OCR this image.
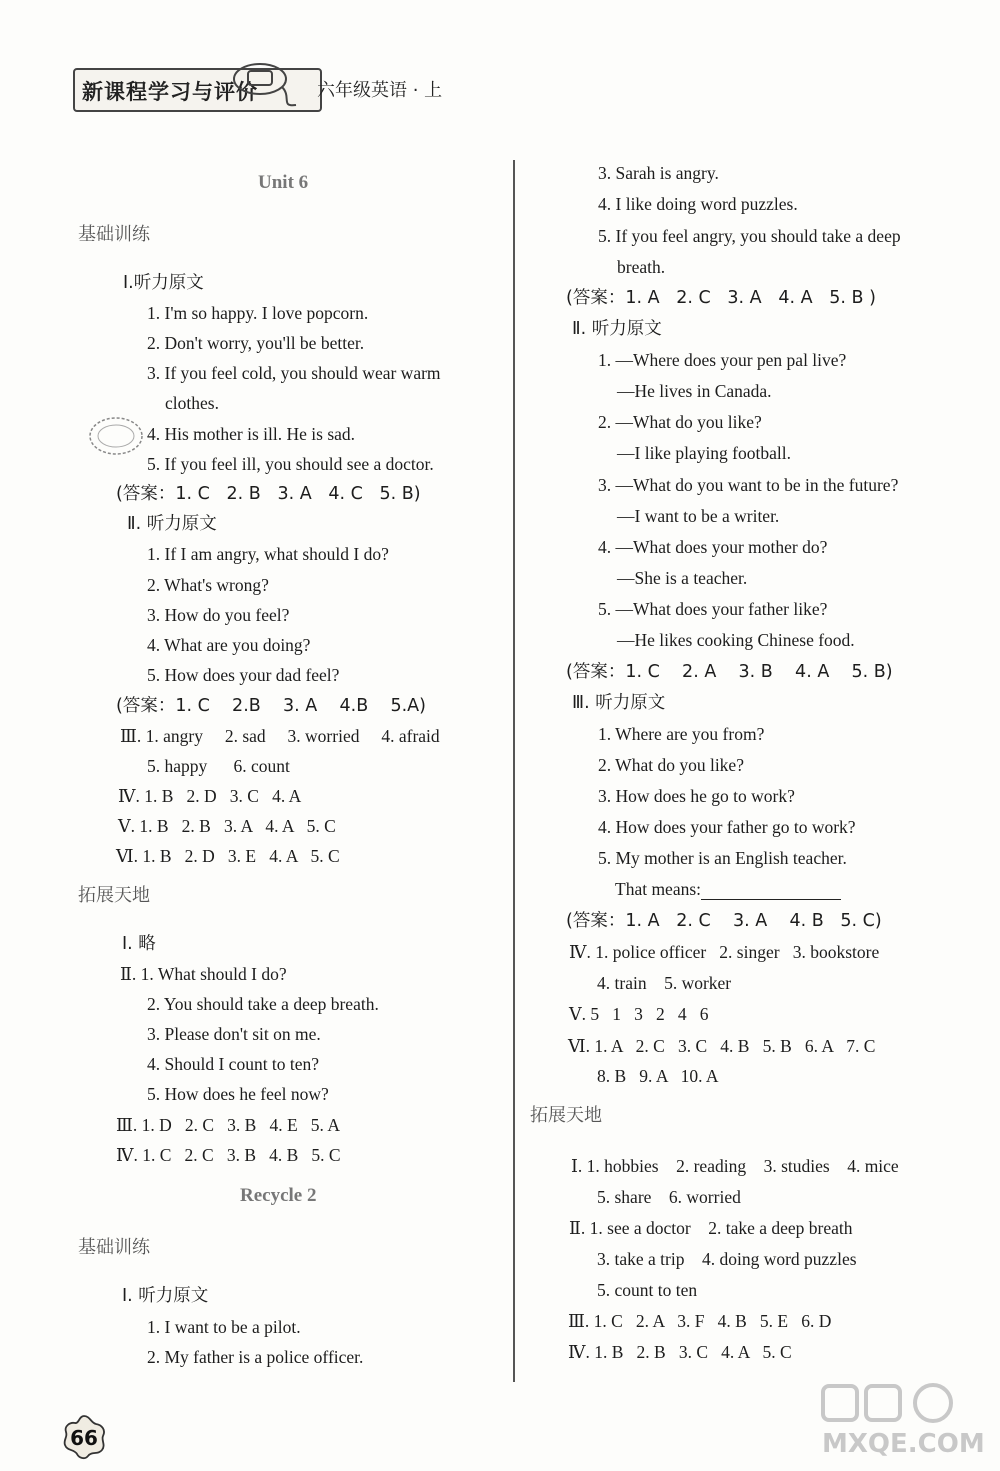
新课程学习与评价	六年级英语 · 上
Unit 6
基础训练
Ⅰ.听力原文
1. I'm so happy. I love popcorn.
2. Don't worry, you'll be better.
3. If you feel cold, you should wear warm
clothes.
4. His mother is ill. He is sad.
5. If you feel ill, you should see a doctor.
(答案：1. C   2. B   3. A   4. C   5. B)
Ⅱ. 听力原文
1. If I am angry, what should I do?
2. What's wrong?
3. How do you feel?
4. What are you doing?
5. How does your dad feel?
(答案：1. C    2.B    3. A    4.B    5.A)
Ⅲ. 1. angry     2. sad     3. worried     4. afraid
5. happy      6. count
Ⅳ. 1. B   2. D   3. C   4. A
Ⅴ. 1. B   2. B   3. A   4. A   5. C
Ⅵ. 1. B   2. D   3. E   4. A   5. C
拓展天地
Ⅰ. 略
Ⅱ. 1. What should I do?
2. You should take a deep breath.
3. Please don't sit on me.
4. Should I count to ten?
5. How does he feel now?
Ⅲ. 1. D   2. C   3. B   4. E   5. A
Ⅳ. 1. C   2. C   3. B   4. B   5. C
Recycle 2
基础训练
Ⅰ. 听力原文
1. I want to be a pilot.
2. My father is a police officer.
3. Sarah is angry.
4. I like doing word puzzles.
5. If you feel angry, you should take a deep
breath.
(答案：1. A   2. C   3. A   4. A   5. B )
Ⅱ. 听力原文
1. —Where does your pen pal live?
—He lives in Canada.
2. —What do you like?
—I like playing football.
3. —What do you want to be in the future?
—I want to be a writer.
4. —What does your mother do?
—She is a teacher.
5. —What does your father like?
—He likes cooking Chinese food.
(答案：1. C    2. A    3. B    4. A    5. B)
Ⅲ. 听力原文
1. Where are you from?
2. What do you like?
3. How does he go to work?
4. How does your father go to work?
5. My mother is an English teacher.
That means:
(答案：1. A   2. C    3. A    4. B   5. C)
Ⅳ. 1. police officer   2. singer   3. bookstore
4. train    5. worker
Ⅴ. 5   1   3   2   4   6
Ⅵ. 1. A   2. C   3. C   4. B   5. B   6. A   7. C
8. B   9. A   10. A
拓展天地
Ⅰ. 1. hobbies    2. reading    3. studies    4. mice
5. share    6. worried
Ⅱ. 1. see a doctor    2. take a deep breath
3. take a trip    4. doing word puzzles
5. count to ten
Ⅲ. 1. C   2. A   3. F   4. B   5. E   6. D
Ⅳ. 1. B   2. B   3. C   4. A   5. C
66	MXQE.COM
